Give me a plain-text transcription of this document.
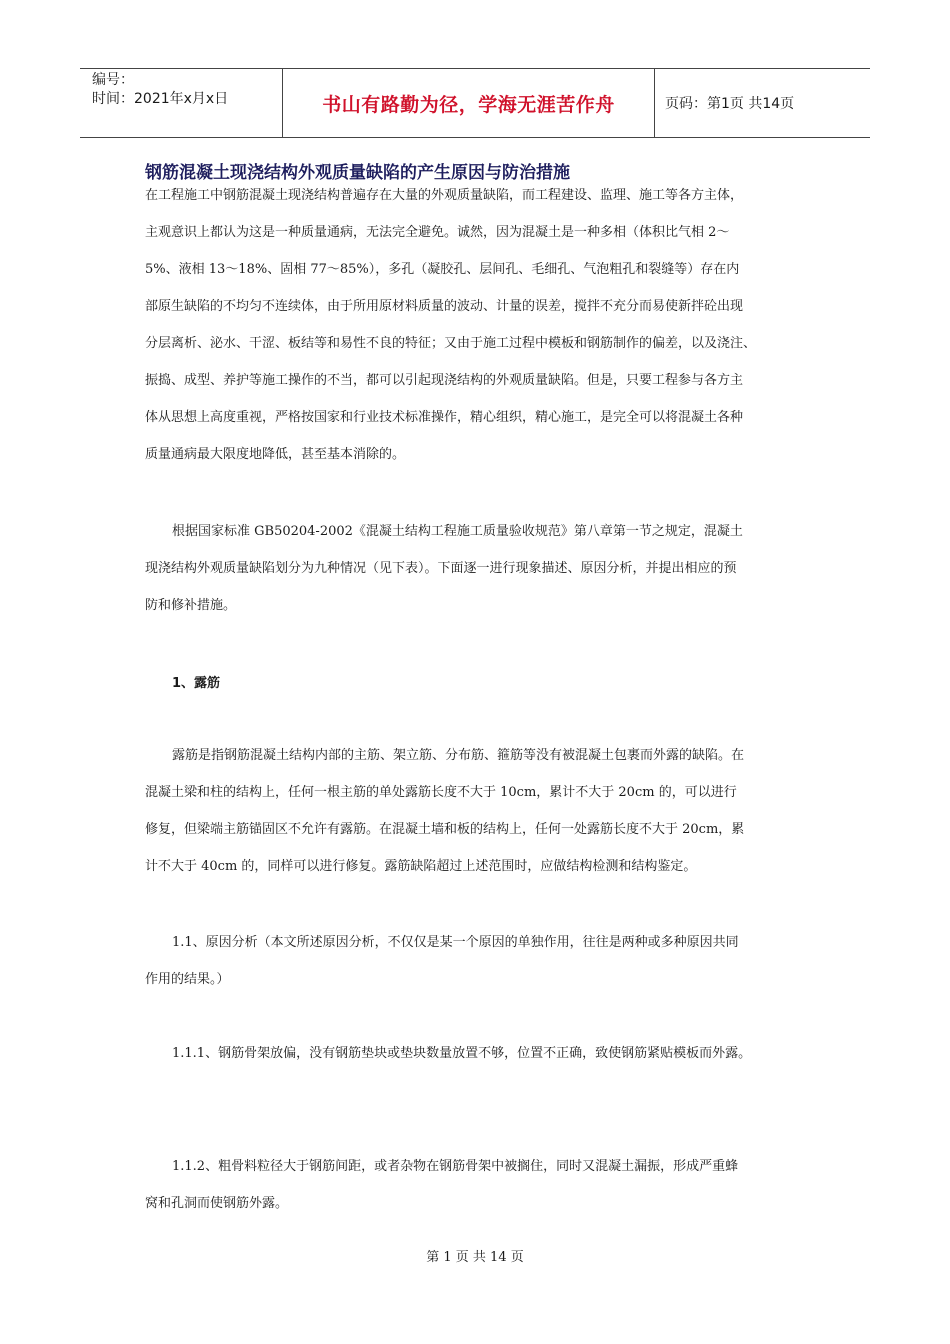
编号：
时间：2021年x月x日	书山有路勤为径，学海无涯苦作舟	页码：第1页 共14页
钢筋混凝土现浇结构外观质量缺陷的产生原因与防治措施
在工程施工中钢筋混凝土现浇结构普遍存在大量的外观质量缺陷，而工程建设、监理、施工等各方主体，
主观意识上都认为这是一种质量通病，无法完全避免。诚然，因为混凝土是一种多相（体积比气相 2～
5%、液相 13～18%、固相 77～85%），多孔（凝胶孔、层间孔、毛细孔、气泡粗孔和裂缝等）存在内
部原生缺陷的不均匀不连续体，由于所用原材料质量的波动、计量的误差，搅拌不充分而易使新拌砼出现
分层离析、泌水、干涩、板结等和易性不良的特征；又由于施工过程中模板和钢筋制作的偏差，以及浇注、
振捣、成型、养护等施工操作的不当，都可以引起现浇结构的外观质量缺陷。但是，只要工程参与各方主
体从思想上高度重视，严格按国家和行业技术标准操作，精心组织，精心施工，是完全可以将混凝土各种
质量通病最大限度地降低，甚至基本消除的。
根据国家标准 GB50204-2002《混凝土结构工程施工质量验收规范》第八章第一节之规定，混凝土
现浇结构外观质量缺陷划分为九种情况（见下表）。下面逐一进行现象描述、原因分析，并提出相应的预
防和修补措施。
1、露筋
露筋是指钢筋混凝土结构内部的主筋、架立筋、分布筋、箍筋等没有被混凝土包裹而外露的缺陷。在
混凝土梁和柱的结构上，任何一根主筋的单处露筋长度不大于 10cm，累计不大于 20cm 的，可以进行
修复，但梁端主筋锚固区不允许有露筋。在混凝土墙和板的结构上，任何一处露筋长度不大于 20cm，累
计不大于 40cm 的，同样可以进行修复。露筋缺陷超过上述范围时，应做结构检测和结构鉴定。
1.1、原因分析（本文所述原因分析，不仅仅是某一个原因的单独作用，往往是两种或多种原因共同
作用的结果。）
1.1.1、钢筋骨架放偏，没有钢筋垫块或垫块数量放置不够，位置不正确，致使钢筋紧贴模板而外露。
1.1.2、粗骨料粒径大于钢筋间距，或者杂物在钢筋骨架中被搁住，同时又混凝土漏振，形成严重蜂
窝和孔洞而使钢筋外露。
第 1 页 共 14 页
